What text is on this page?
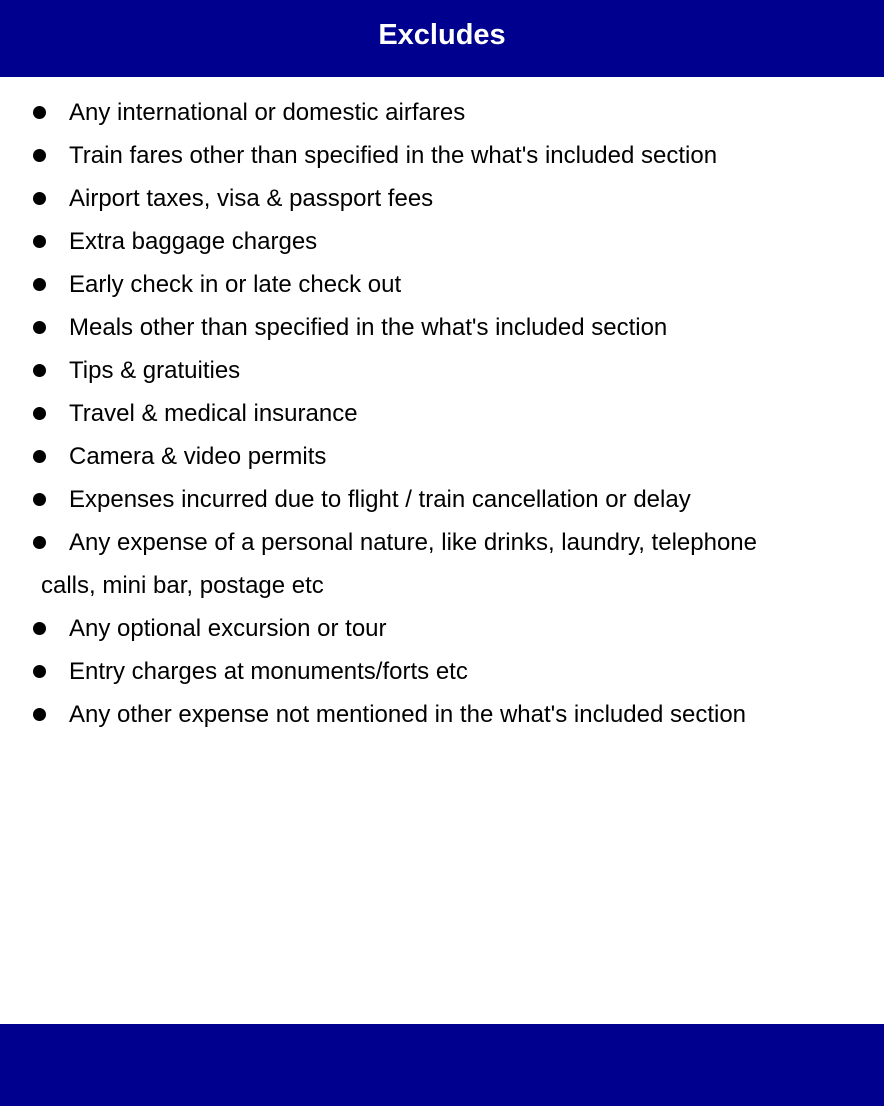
Excludes
Any international or domestic airfares
Train fares other than specified in the what's included section
Airport taxes, visa & passport fees
Extra baggage charges
Early check in or late check out
Meals other than specified in the what's included section
Tips & gratuities
Travel & medical insurance
Camera & video permits
Expenses incurred due to flight / train cancellation or delay
Any expense of a personal nature, like drinks, laundry, telephone
calls, mini bar, postage etc
Any optional excursion or tour
Entry charges at monuments/forts etc
Any other expense not mentioned in the what's included section
